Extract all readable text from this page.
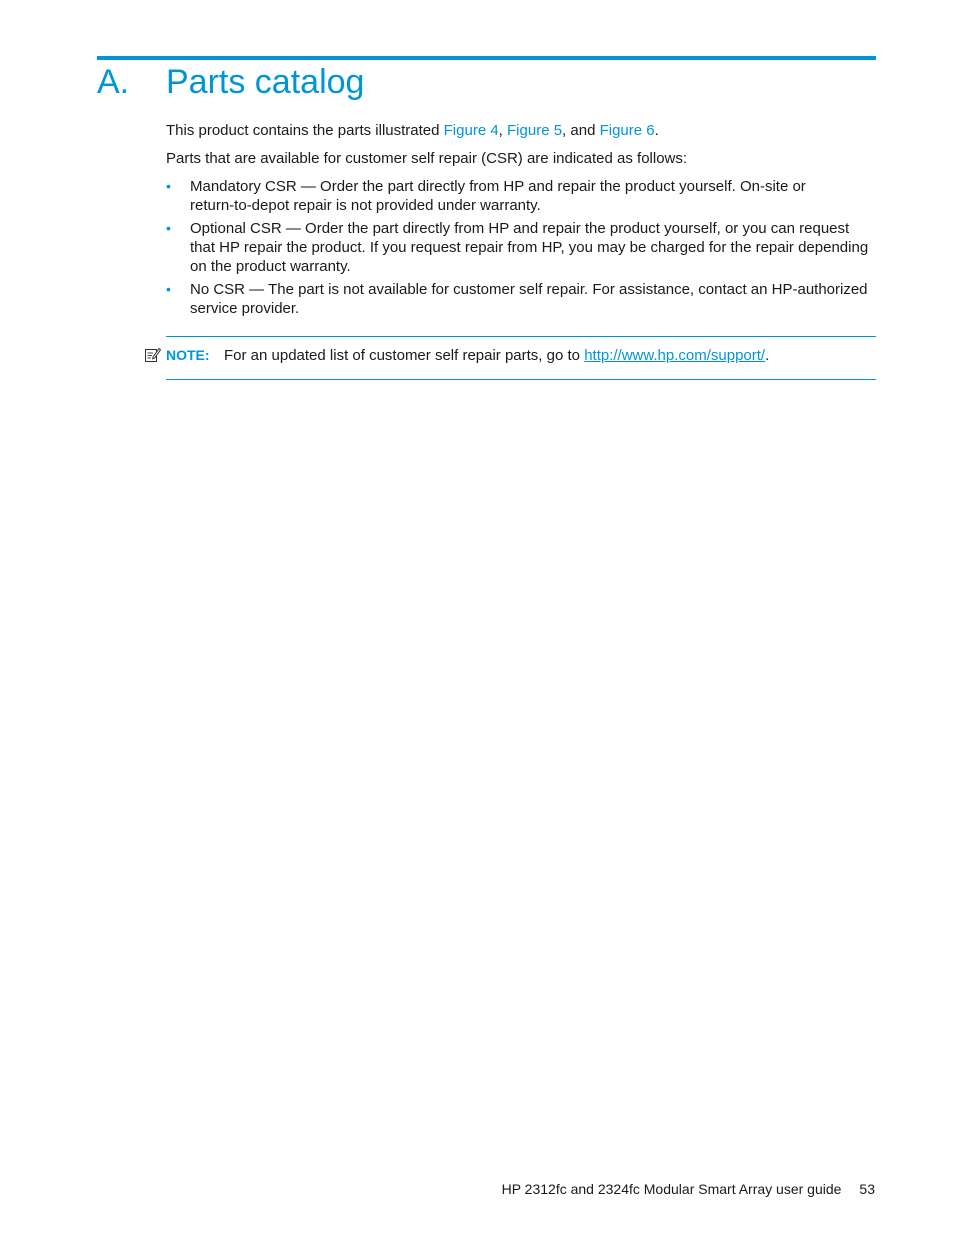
A. Parts catalog

This product contains the parts illustrated Figure 4, Figure 5, and Figure 6.

Parts that are available for customer self repair (CSR) are indicated as follows:

• Mandatory CSR — Order the part directly from HP and repair the product yourself. On-site or
return-to-depot repair is not provided under warranty.
• Optional CSR — Order the part directly from HP and repair the product yourself, or you can request
that HP repair the product. If you request repair from HP, you may be charged for the repair depending
on the product warranty.
• No CSR — The part is not available for customer self repair. For assistance, contact an HP-authorized
service provider.
NOTE: For an updated list of customer self repair parts, go to http://www.hp.com/support/.
HP 2312fc and 2324fc Modular Smart Array user guide 53
